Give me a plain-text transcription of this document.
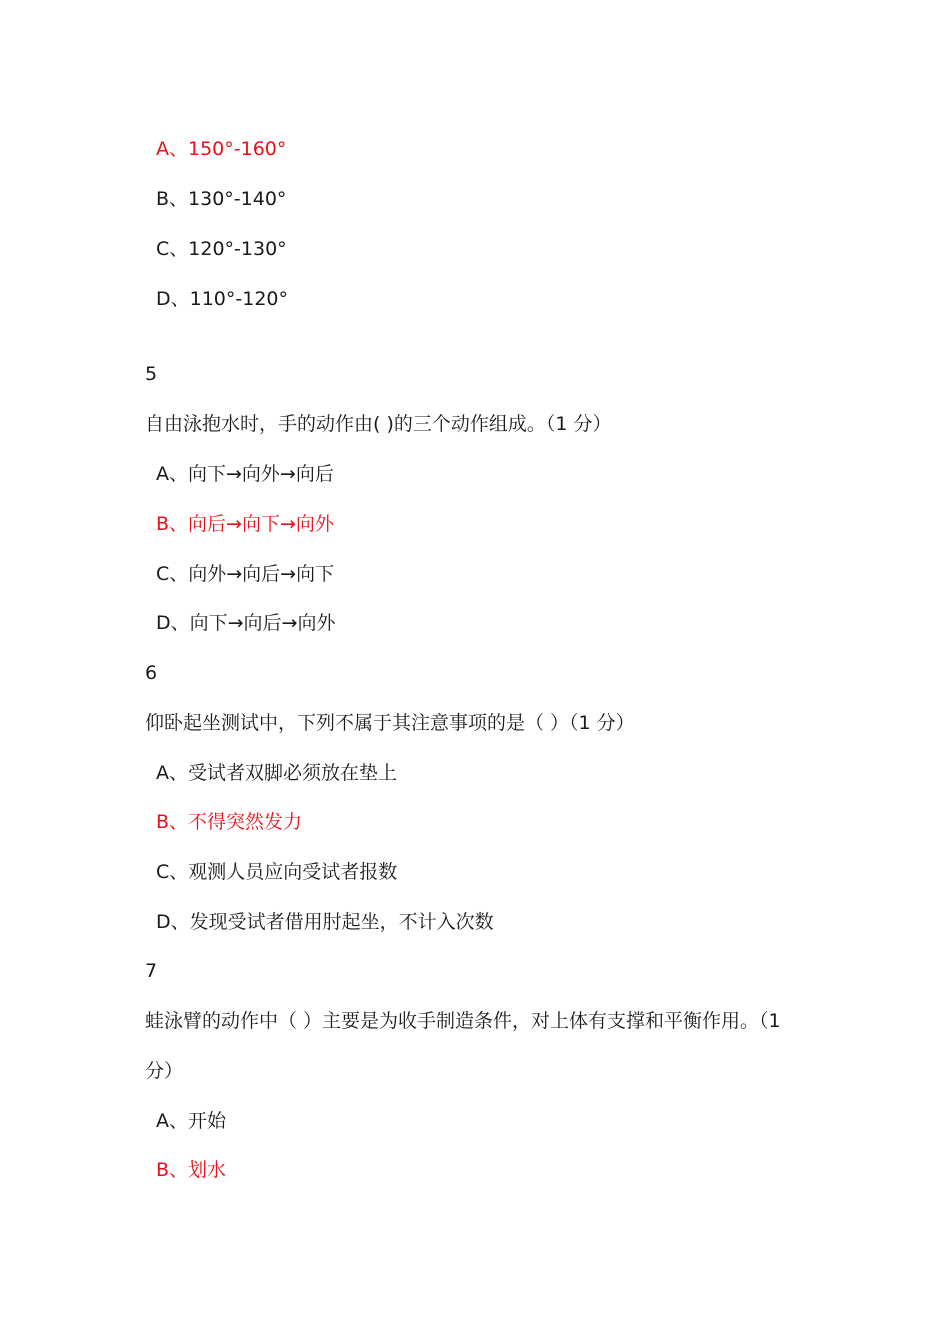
A、150°-160°
B、130°-140°
C、120°-130°
D、110°-120°
5
自由泳抱水时，手的动作由( )的三个动作组成。（1 分）
A、向下→向外→向后
B、向后→向下→向外
C、向外→向后→向下
D、向下→向后→向外
6
仰卧起坐测试中，下列不属于其注意事项的是（ ）（1 分）
A、受试者双脚必须放在垫上
B、不得突然发力
C、观测人员应向受试者报数
D、发现受试者借用肘起坐，不计入次数
7
蛙泳臂的动作中（ ）主要是为收手制造条件，对上体有支撑和平衡作用。（1
分）
A、开始
B、划水
